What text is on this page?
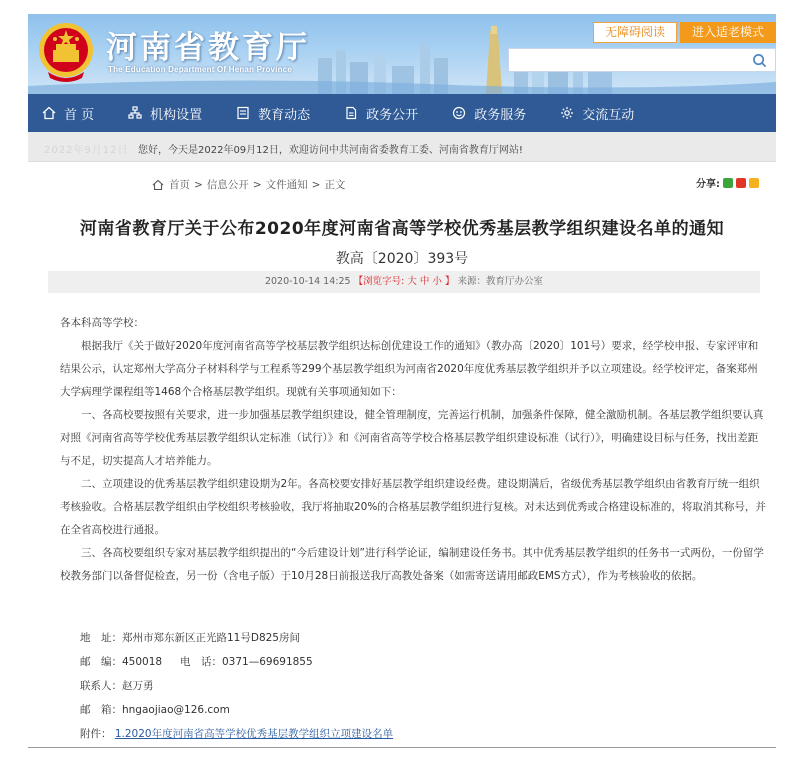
河南省教育厅
The Education Department Of Henan Province
无障碍阅读	进入适老模式
首 页	机构设置	教育动态	政务公开	政务服务	交流互动
2022年9月12日 您好，今天是2022年09月12日，欢迎访问中共河南省委教育工委、河南省教育厅网站!
首页 > 信息公开 > 文件通知 > 正文	分享:
河南省教育厅关于公布2020年度河南省高等学校优秀基层教学组织建设名单的通知
教高〔2020〕393号
2020-10-14 14:25 【浏览字号: 大 中 小 】 来源：教育厅办公室
各本科高等学校：
根据我厅《关于做好2020年度河南省高等学校基层教学组织达标创优建设工作的通知》（教办高〔2020〕101号）要求，经学校申报、专家评审和结果公示，认定郑州大学高分子材料科学与工程系等299个基层教学组织为河南省2020年度优秀基层教学组织并予以立项建设。经学校评定，备案郑州大学病理学课程组等1468个合格基层教学组织。现就有关事项通知如下：
一、各高校要按照有关要求，进一步加强基层教学组织建设，健全管理制度，完善运行机制，加强条件保障，健全激励机制。各基层教学组织要认真对照《河南省高等学校优秀基层教学组织认定标准（试行）》和《河南省高等学校合格基层教学组织建设标准（试行）》，明确建设目标与任务，找出差距与不足，切实提高人才培养能力。
二、立项建设的优秀基层教学组织建设期为2年。各高校要安排好基层教学组织建设经费。建设期满后，省级优秀基层教学组织由省教育厅统一组织考核验收。合格基层教学组织由学校组织考核验收，我厅将抽取20%的合格基层教学组织进行复核。对未达到优秀或合格建设标准的，将取消其称号，并在全省高校进行通报。
三、各高校要组织专家对基层教学组织提出的“今后建设计划”进行科学论证，编制建设任务书。其中优秀基层教学组织的任务书一式两份，一份留学校教务部门以备督促检查，另一份（含电子版）于10月28日前报送我厅高教处备案（如需寄送请用邮政EMS方式），作为考核验收的依据。
地　址：郑州市郑东新区正光路11号D825房间
邮　编：450018 电　话：0371—69691855
联系人：赵万勇
邮　箱：hngaojiao@126.com
附件： 1.2020年度河南省高等学校优秀基层教学组织立项建设名单
